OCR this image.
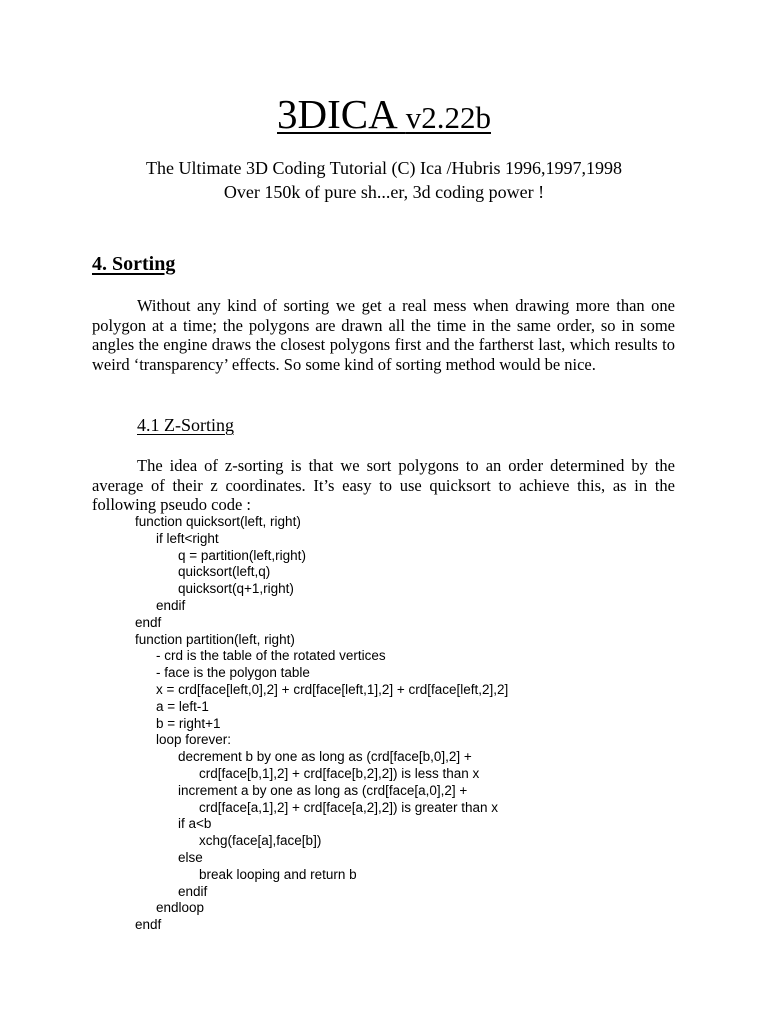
3DICA v2.22b
The Ultimate 3D Coding Tutorial (C) Ica /Hubris 1996,1997,1998
Over 150k of pure sh...er, 3d coding power !
4. Sorting
Without any kind of sorting we get a real mess when drawing more than one polygon at a time; the polygons are drawn all the time in the same order, so in some angles the engine draws the closest polygons first and the fartherst last, which results to weird ‘transparency’ effects. So some kind of sorting method would be nice.
4.1 Z-Sorting
The idea of z-sorting is that we sort polygons to an order determined by the average of their z coordinates. It’s easy to use quicksort to achieve this, as in the following pseudo code :
function quicksort(left, right)
if left<right
q = partition(left,right)
quicksort(left,q)
quicksort(q+1,right)
endif
endf
function partition(left, right)
- crd is the table of the rotated vertices
- face is the polygon table
x = crd[face[left,0],2] + crd[face[left,1],2] + crd[face[left,2],2]
a = left-1
b = right+1
loop forever:
decrement b by one as long as (crd[face[b,0],2] +
crd[face[b,1],2] + crd[face[b,2],2]) is less than x
increment a by one as long as (crd[face[a,0],2] +
crd[face[a,1],2] + crd[face[a,2],2]) is greater than x
if a<b
xchg(face[a],face[b])
else
break looping and return b
endif
endloop
endf
